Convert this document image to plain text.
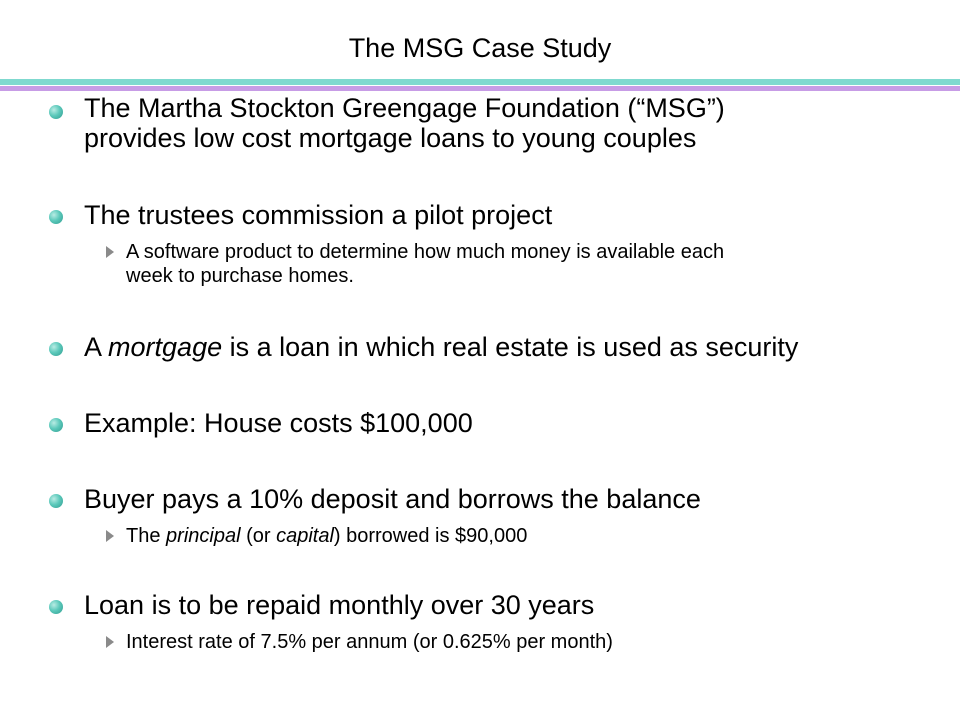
The MSG Case Study
The Martha Stockton Greengage Foundation (“MSG”)
provides low cost mortgage loans to young couples
The trustees commission a pilot project
A software product to determine how much money is available each
week to purchase homes.
A mortgage is a loan in which real estate is used as security
Example: House costs $100,000
Buyer pays a 10% deposit and borrows the balance
The principal (or capital) borrowed is $90,000
Loan is to be repaid monthly over 30 years
Interest rate of 7.5% per annum (or 0.625% per month)
